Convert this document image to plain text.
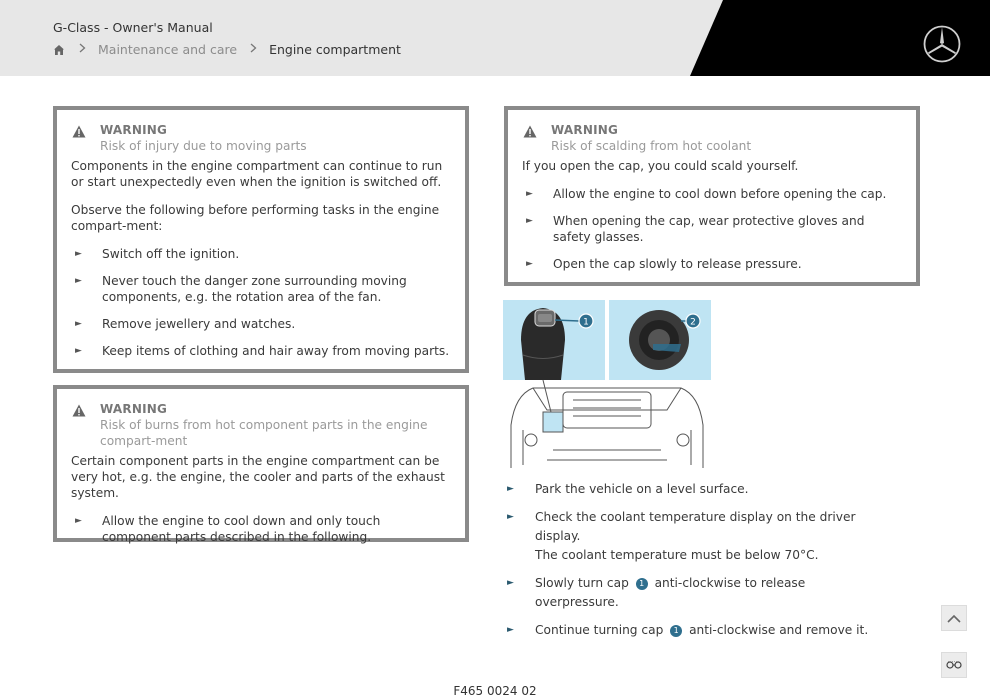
G-Class - Owner's Manual
Maintenance and care	Engine compartment
WARNING
Risk of injury due to moving parts
Components in the engine compartment can continue to run or start unexpectedly even when the ignition is switched off.
Observe the following before performing tasks in the engine compart-ment:
► Switch off the ignition.
► Never touch the danger zone surrounding moving components, e.g. the rotation area of the fan.
► Remove jewellery and watches.
► Keep items of clothing and hair away from moving parts.
WARNING
Risk of burns from hot component parts in the engine compart-ment
Certain component parts in the engine compartment can be very hot, e.g. the engine, the cooler and parts of the exhaust system.
► Allow the engine to cool down and only touch component parts described in the following.
WARNING
Risk of scalding from hot coolant
If you open the cap, you could scald yourself.
► Allow the engine to cool down before opening the cap.
► When opening the cap, wear protective gloves and safety glasses.
► Open the cap slowly to release pressure.
1	2
► Park the vehicle on a level surface.
► Check the coolant temperature display on the driver display.
The coolant temperature must be below 70°C.
► Slowly turn cap 1 anti-clockwise to release overpressure.
► Continue turning cap 1 anti-clockwise and remove it.
F465 0024 02
